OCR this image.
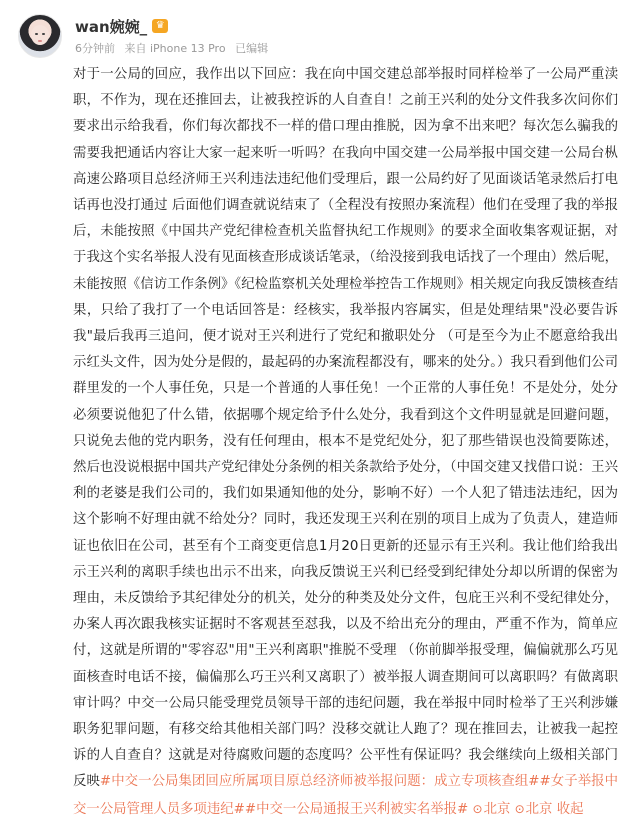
wan婉婉_ ♛
6分钟前 来自 iPhone 13 Pro 已编辑
对于一公局的回应，我作出以下回应：我在向中国交建总部举报时同样检举了一公局严重渎职，不作为，现在还推回去，让被我控诉的人自查自！之前王兴利的处分文件我多次问你们要求出示给我看，你们每次都找不一样的借口理由推脱，因为拿不出来吧？每次怎么骗我的需要我把通话内容让大家一起来听一听吗？在我向中国交建一公局举报中国交建一公局台枞高速公路项目总经济师王兴利违法违纪他们受理后，跟一公局约好了见面谈话笔录然后打电话再也没打通过 后面他们调查就说结束了（全程没有按照办案流程）他们在受理了我的举报后，未能按照《中国共产党纪律检查机关监督执纪工作规则》的要求全面收集客观证据，对于我这个实名举报人没有见面核查形成谈话笔录，（给没接到我电话找了一个理由）然后呢，未能按照《信访工作条例》《纪检监察机关处理检举控告工作规则》相关规定向我反馈核查结果，只给了我打了一个电话回答是：经核实，我举报内容属实，但是处理结果"没必要告诉我"最后我再三追问，便才说对王兴利进行了党纪和撤职处分 （可是至今为止不愿意给我出示红头文件，因为处分是假的，最起码的办案流程都没有，哪来的处分。）我只看到他们公司群里发的一个人事任免，只是一个普通的人事任免！一个正常的人事任免！不是处分，处分必须要说他犯了什么错，依据哪个规定给予什么处分，我看到这个文件明显就是回避问题，只说免去他的党内职务，没有任何理由，根本不是党纪处分，犯了那些错误也没简要陈述，然后也没说根据中国共产党纪律处分条例的相关条款给予处分，（中国交建又找借口说：王兴利的老婆是我们公司的，我们如果通知他的处分，影响不好）一个人犯了错违法违纪，因为这个影响不好理由就不给处分？同时，我还发现王兴利在别的项目上成为了负责人，建造师证也依旧在公司，甚至有个工商变更信息1月20日更新的还显示有王兴利。我让他们给我出示王兴利的离职手续也出示不出来，向我反馈说王兴利已经受到纪律处分却以所谓的保密为理由，未反馈给予其纪律处分的机关，处分的种类及处分文件，包庇王兴利不受纪律处分，办案人再次跟我核实证据时不客观甚至怼我，以及不给出充分的理由，严重不作为，简单应付，这就是所谓的"零容忍"用"王兴利离职"推脱不受理 （你前脚举报受理，偏偏就那么巧见面核查时电话不接，偏偏那么巧王兴利又离职了）被举报人调查期间可以离职吗？有做离职审计吗？中交一公局只能受理党员领导干部的违纪问题，我在举报中同时检举了王兴利涉嫌职务犯罪问题，有移交给其他相关部门吗？没移交就让人跑了？现在推回去，让被我一起控诉的人自查自？这就是对待腐败问题的态度吗？公平性有保证吗？我会继续向上级相关部门反映#中交一公局集团回应所属项目原总经济师被举报问题：成立专项核查组##女子举报中交一公局管理人员多项违纪##中交一公局通报王兴利被实名举报# ⊙北京 ⊙北京 收起
